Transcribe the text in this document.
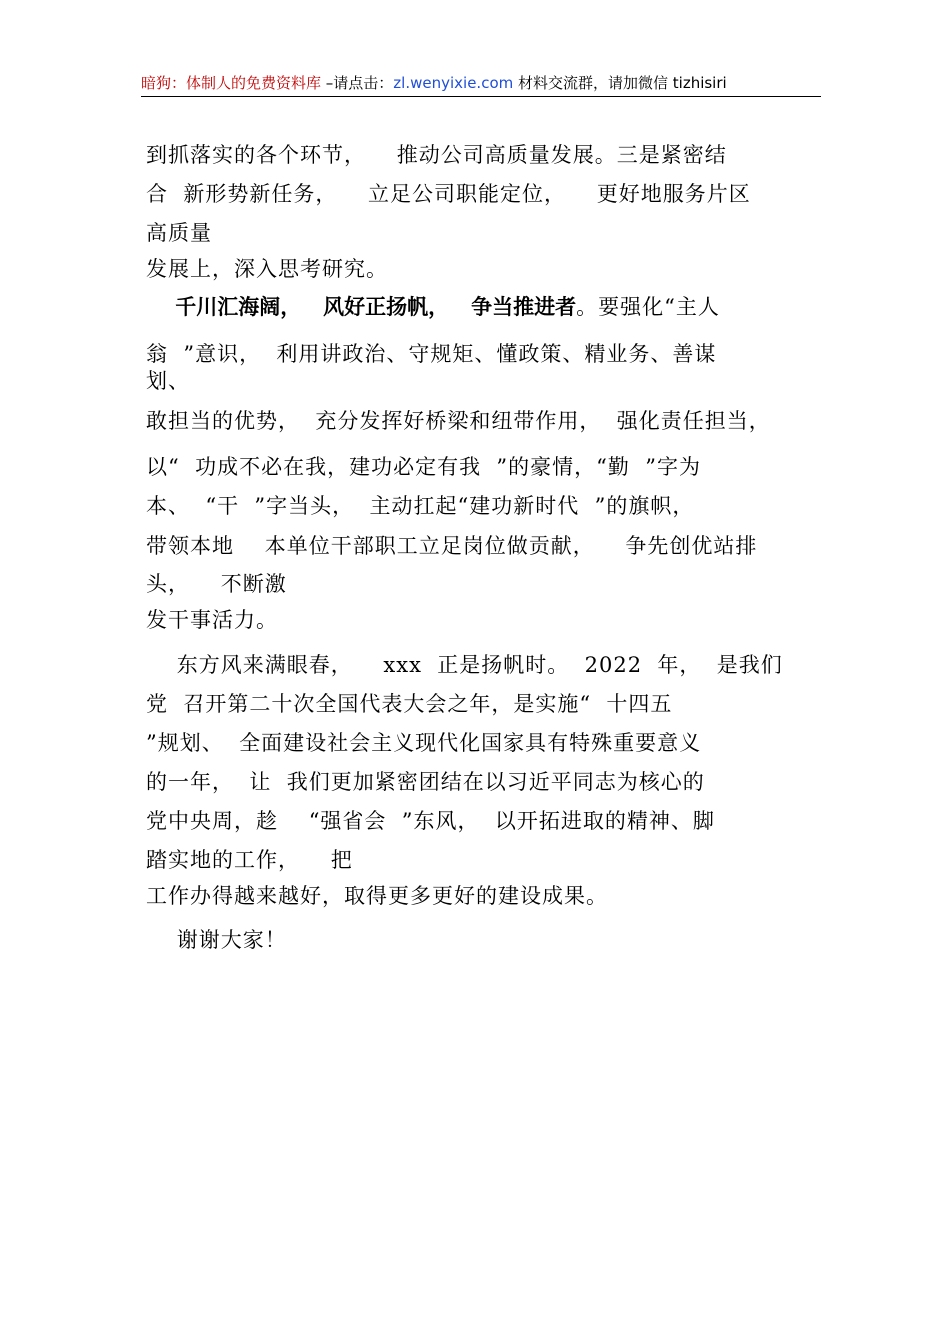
暗狗：体制人的免费资料库 –请点击：zl.wenyixie.com 材料交流群，请加微信 tizhisiri
到抓落实的各个环节，    推动公司高质量发展。三是紧密结
合  新形势新任务，    立足公司职能定位，    更好地服务片区
高质量
发展上，深入思考研究。
千川汇海阔，   风好正扬帆，   争当推进者。要强化“主人
翁  ”意识，  利用讲政治、守规矩、懂政策、精业务、善谋
划、
敢担当的优势，  充分发挥好桥梁和纽带作用，  强化责任担当，
以“  功成不必在我，建功必定有我  ”的豪情，“勤  ”字为
本、  “干  ”字当头，  主动扛起“建功新时代  ”的旗帜，
带领本地    本单位干部职工立足岗位做贡献，    争先创优站排
头，    不断激
发干事活力。
东方风来满眼春，    xxx  正是扬帆时。  2022  年，  是我们
党  召开第二十次全国代表大会之年，是实施“  十四五
”规划、  全面建设社会主义现代化国家具有特殊重要意义
的一年，  让  我们更加紧密团结在以习近平同志为核心的
党中央周，趁    “强省会  ”东风，  以开拓进取的精神、脚
踏实地的工作，    把
工作办得越来越好，取得更多更好的建设成果。
谢谢大家！
